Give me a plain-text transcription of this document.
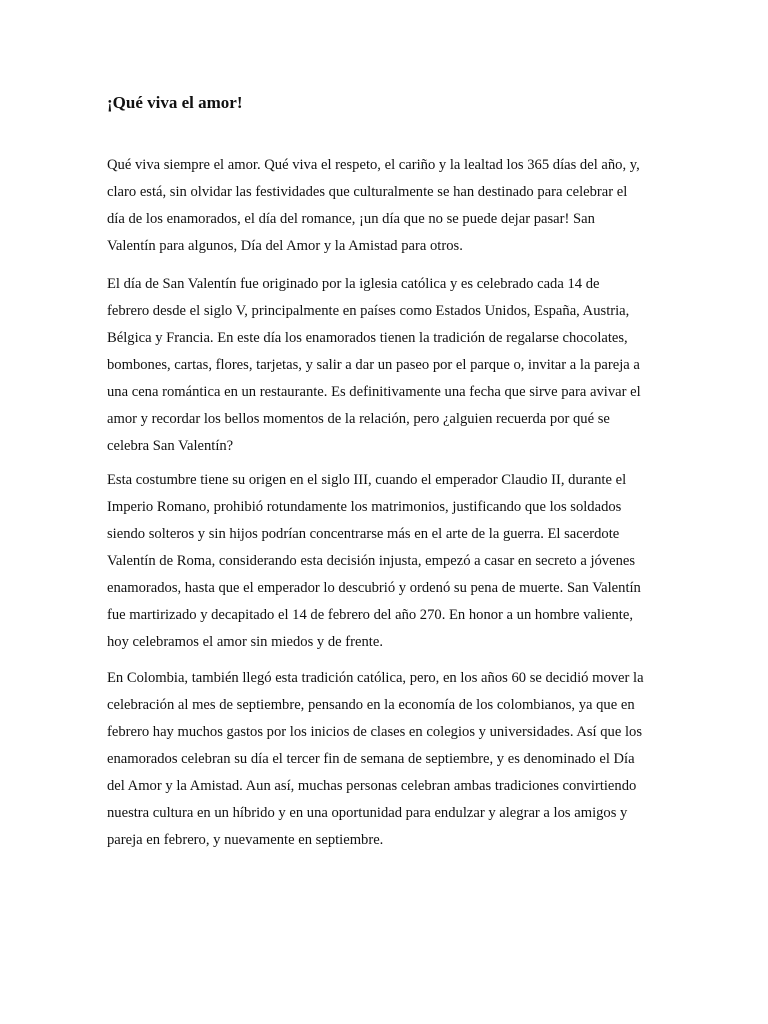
¡Qué viva el amor!

Qué viva siempre el amor. Qué viva el respeto, el cariño y la lealtad los 365 días del año, y,
claro está, sin olvidar las festividades que culturalmente se han destinado para celebrar el
día de los enamorados, el día del romance, ¡un día que no se puede dejar pasar! San
Valentín para algunos, Día del Amor y la Amistad para otros.

El día de San Valentín fue originado por la iglesia católica y es celebrado cada 14 de
febrero desde el siglo V, principalmente en países como Estados Unidos, España, Austria,
Bélgica y Francia. En este día los enamorados tienen la tradición de regalarse chocolates,
bombones, cartas, flores, tarjetas, y salir a dar un paseo por el parque o, invitar a la pareja a
una cena romántica en un restaurante. Es definitivamente una fecha que sirve para avivar el
amor y recordar los bellos momentos de la relación, pero ¿alguien recuerda por qué se
celebra San Valentín?

Esta costumbre tiene su origen en el siglo III, cuando el emperador Claudio II, durante el
Imperio Romano, prohibió rotundamente los matrimonios, justificando que los soldados
siendo solteros y sin hijos podrían concentrarse más en el arte de la guerra. El sacerdote
Valentín de Roma, considerando esta decisión injusta, empezó a casar en secreto a jóvenes
enamorados, hasta que el emperador lo descubrió y ordenó su pena de muerte. San Valentín
fue martirizado y decapitado el 14 de febrero del año 270. En honor a un hombre valiente,
hoy celebramos el amor sin miedos y de frente.

En Colombia, también llegó esta tradición católica, pero, en los años 60 se decidió mover la
celebración al mes de septiembre, pensando en la economía de los colombianos, ya que en
febrero hay muchos gastos por los inicios de clases en colegios y universidades. Así que los
enamorados celebran su día el tercer fin de semana de septiembre, y es denominado el Día
del Amor y la Amistad. Aun así, muchas personas celebran ambas tradiciones convirtiendo
nuestra cultura en un híbrido y en una oportunidad para endulzar y alegrar a los amigos y
pareja en febrero, y nuevamente en septiembre.
